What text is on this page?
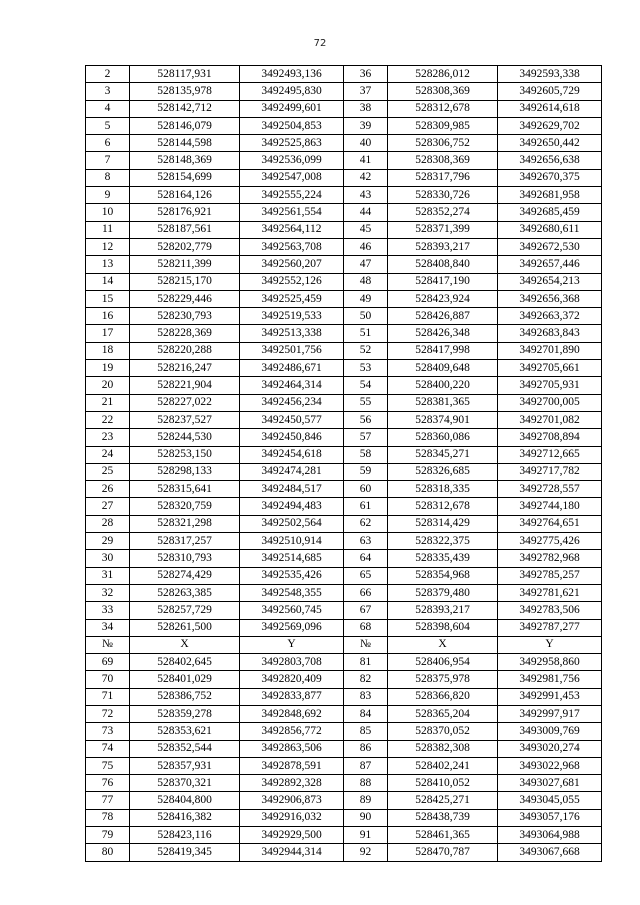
72
2	528117,931	3492493,136	36	528286,012	3492593,338
3	528135,978	3492495,830	37	528308,369	3492605,729
4	528142,712	3492499,601	38	528312,678	3492614,618
5	528146,079	3492504,853	39	528309,985	3492629,702
6	528144,598	3492525,863	40	528306,752	3492650,442
7	528148,369	3492536,099	41	528308,369	3492656,638
8	528154,699	3492547,008	42	528317,796	3492670,375
9	528164,126	3492555,224	43	528330,726	3492681,958
10	528176,921	3492561,554	44	528352,274	3492685,459
11	528187,561	3492564,112	45	528371,399	3492680,611
12	528202,779	3492563,708	46	528393,217	3492672,530
13	528211,399	3492560,207	47	528408,840	3492657,446
14	528215,170	3492552,126	48	528417,190	3492654,213
15	528229,446	3492525,459	49	528423,924	3492656,368
16	528230,793	3492519,533	50	528426,887	3492663,372
17	528228,369	3492513,338	51	528426,348	3492683,843
18	528220,288	3492501,756	52	528417,998	3492701,890
19	528216,247	3492486,671	53	528409,648	3492705,661
20	528221,904	3492464,314	54	528400,220	3492705,931
21	528227,022	3492456,234	55	528381,365	3492700,005
22	528237,527	3492450,577	56	528374,901	3492701,082
23	528244,530	3492450,846	57	528360,086	3492708,894
24	528253,150	3492454,618	58	528345,271	3492712,665
25	528298,133	3492474,281	59	528326,685	3492717,782
26	528315,641	3492484,517	60	528318,335	3492728,557
27	528320,759	3492494,483	61	528312,678	3492744,180
28	528321,298	3492502,564	62	528314,429	3492764,651
29	528317,257	3492510,914	63	528322,375	3492775,426
30	528310,793	3492514,685	64	528335,439	3492782,968
31	528274,429	3492535,426	65	528354,968	3492785,257
32	528263,385	3492548,355	66	528379,480	3492781,621
33	528257,729	3492560,745	67	528393,217	3492783,506
34	528261,500	3492569,096	68	528398,604	3492787,277
№	X	Y	№	X	Y
69	528402,645	3492803,708	81	528406,954	3492958,860
70	528401,029	3492820,409	82	528375,978	3492981,756
71	528386,752	3492833,877	83	528366,820	3492991,453
72	528359,278	3492848,692	84	528365,204	3492997,917
73	528353,621	3492856,772	85	528370,052	3493009,769
74	528352,544	3492863,506	86	528382,308	3493020,274
75	528357,931	3492878,591	87	528402,241	3493022,968
76	528370,321	3492892,328	88	528410,052	3493027,681
77	528404,800	3492906,873	89	528425,271	3493045,055
78	528416,382	3492916,032	90	528438,739	3493057,176
79	528423,116	3492929,500	91	528461,365	3493064,988
80	528419,345	3492944,314	92	528470,787	3493067,668
